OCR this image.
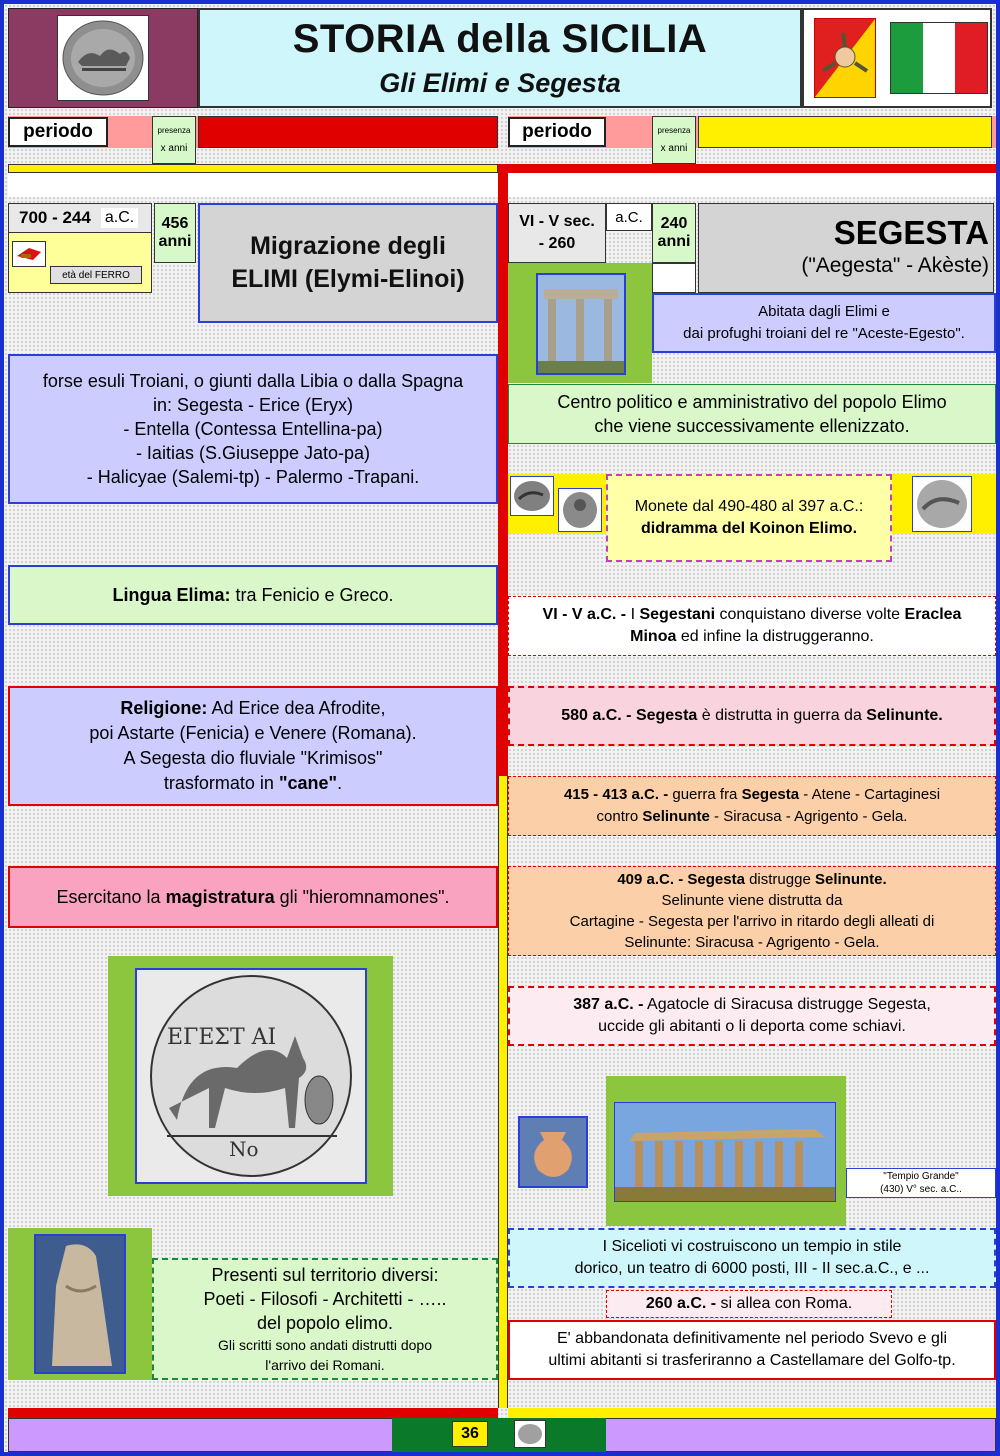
STORIA della SICILIA
Gli Elimi e Segesta
periodo	presenza
x anni
periodo	presenza
x anni
700 - 244 a.C.
età del FERRO
456
anni Migrazione degli
ELIMI (Elymi-Elinoi)
forse esuli Troiani, o giunti dalla Libia o dalla Spagna
in: Segesta - Erice (Eryx)
- Entella (Contessa Entellina-pa)
- Iaitias (S.Giuseppe Jato-pa)
- Halicyae (Salemi-tp) - Palermo -Trapani.
Lingua Elima: tra Fenicio e Greco.
Religione: Ad Erice dea Afrodite,
poi Astarte (Fenicia) e Venere (Romana).
A Segesta dio fluviale "Krimisos"
trasformato in "cane".
Esercitano la magistratura gli "hieromnamones".
ΕΓΕΣΤ ΑΙ
Νο
Presenti sul territorio diversi:
Poeti - Filosofi - Architetti - …..
del popolo elimo.
Gli scritti sono andati distrutti dopo
l'arrivo dei Romani.
VI - V sec.
- 260
a.C.	240
anni	SEGESTA
("Aegesta" - Akèste)
Abitata dagli Elimi e
dai profughi troiani del re "Aceste-Egesto".
Centro politico e amministrativo del popolo Elimo
che viene successivamente ellenizzato.
Monete dal 490-480 al 397 a.C.:
didramma del Koinon Elimo.
VI - V a.C. - I Segestani conquistano diverse volte Eraclea
Minoa ed infine la distruggeranno.
580 a.C. - Segesta è distrutta in guerra da Selinunte.
415 - 413 a.C. - guerra fra Segesta - Atene - Cartaginesi
contro Selinunte - Siracusa - Agrigento - Gela.
409 a.C. - Segesta distrugge Selinunte.
Selinunte viene distrutta da
Cartagine - Segesta per l'arrivo in ritardo degli alleati di
Selinunte: Siracusa - Agrigento - Gela.
387 a.C. - Agatocle di Siracusa distrugge Segesta,
uccide gli abitanti o li deporta come schiavi.
"Tempio Grande"
(430) V° sec. a.C..
I Sicelioti vi costruiscono un tempio in stile
dorico, un teatro di 6000 posti, III - II sec.a.C., e ...
260 a.C. - si allea con Roma.
E' abbandonata definitivamente nel periodo Svevo e gli
ultimi abitanti si trasferiranno a Castellamare del Golfo-tp.
36
